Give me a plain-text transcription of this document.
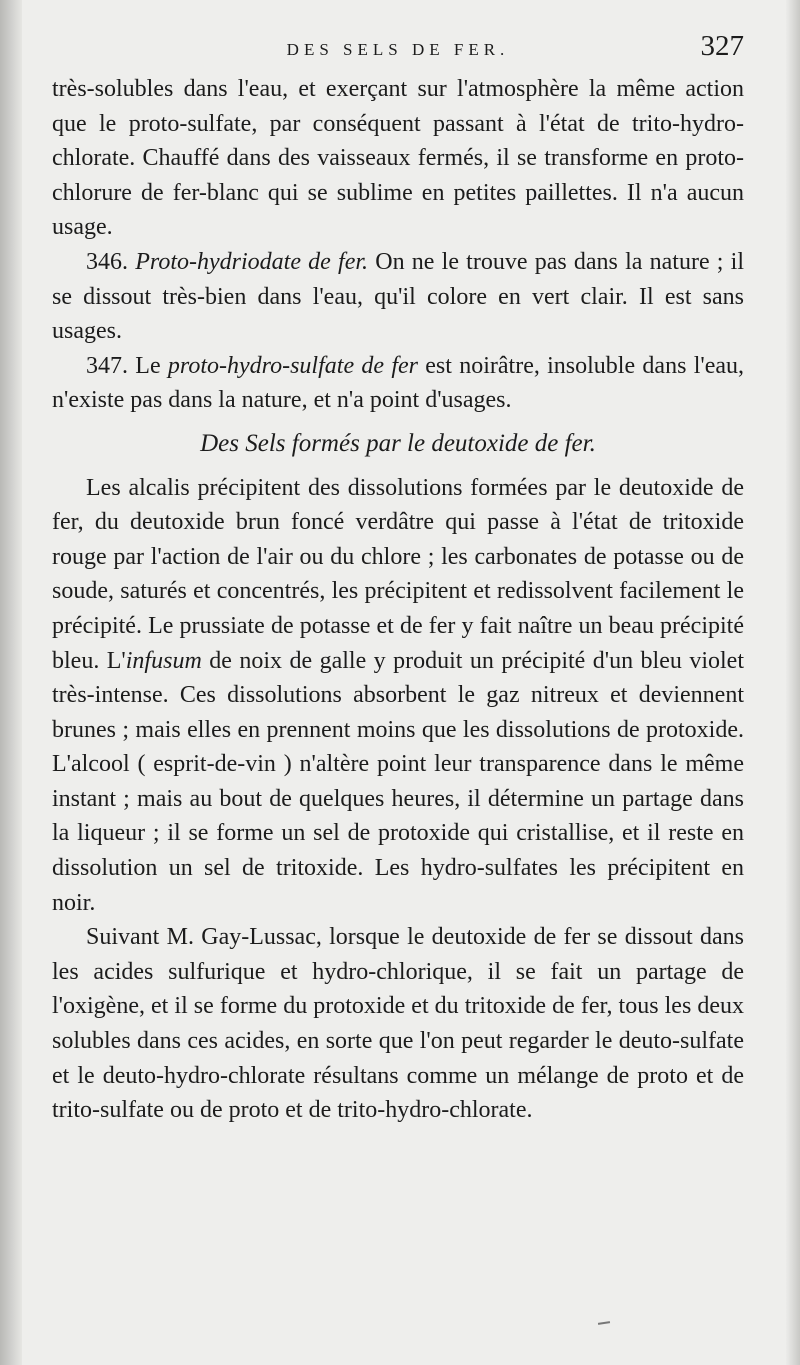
DES SELS DE FER.	327

très-solubles dans l'eau, et exerçant sur l'atmosphère la même action que le proto-sulfate, par conséquent passant à l'état de trito-hydro-chlorate. Chauffé dans des vaisseaux fermés, il se transforme en proto-chlorure de fer-blanc qui se sublime en petites paillettes. Il n'a aucun usage.

346. Proto-hydriodate de fer. On ne le trouve pas dans la nature ; il se dissout très-bien dans l'eau, qu'il colore en vert clair. Il est sans usages.

347. Le proto-hydro-sulfate de fer est noirâtre, insoluble dans l'eau, n'existe pas dans la nature, et n'a point d'usages.

Des Sels formés par le deutoxide de fer.

Les alcalis précipitent des dissolutions formées par le deutoxide de fer, du deutoxide brun foncé verdâtre qui passe à l'état de tritoxide rouge par l'action de l'air ou du chlore ; les carbonates de potasse ou de soude, saturés et concentrés, les précipitent et redissolvent facilement le précipité. Le prussiate de potasse et de fer y fait naître un beau précipité bleu. L'infusum de noix de galle y produit un précipité d'un bleu violet très-intense. Ces dissolutions absorbent le gaz nitreux et deviennent brunes ; mais elles en prennent moins que les dissolutions de protoxide. L'alcool ( esprit-de-vin ) n'altère point leur transparence dans le même instant ; mais au bout de quelques heures, il détermine un partage dans la liqueur ; il se forme un sel de protoxide qui cristallise, et il reste en dissolution un sel de tritoxide. Les hydro-sulfates les précipitent en noir.

Suivant M. Gay-Lussac, lorsque le deutoxide de fer se dissout dans les acides sulfurique et hydro-chlorique, il se fait un partage de l'oxigène, et il se forme du protoxide et du tritoxide de fer, tous les deux solubles dans ces acides, en sorte que l'on peut regarder le deuto-sulfate et le deuto-hydro-chlorate résultans comme un mélange de proto et de trito-sulfate ou de proto et de trito-hydro-chlorate.
